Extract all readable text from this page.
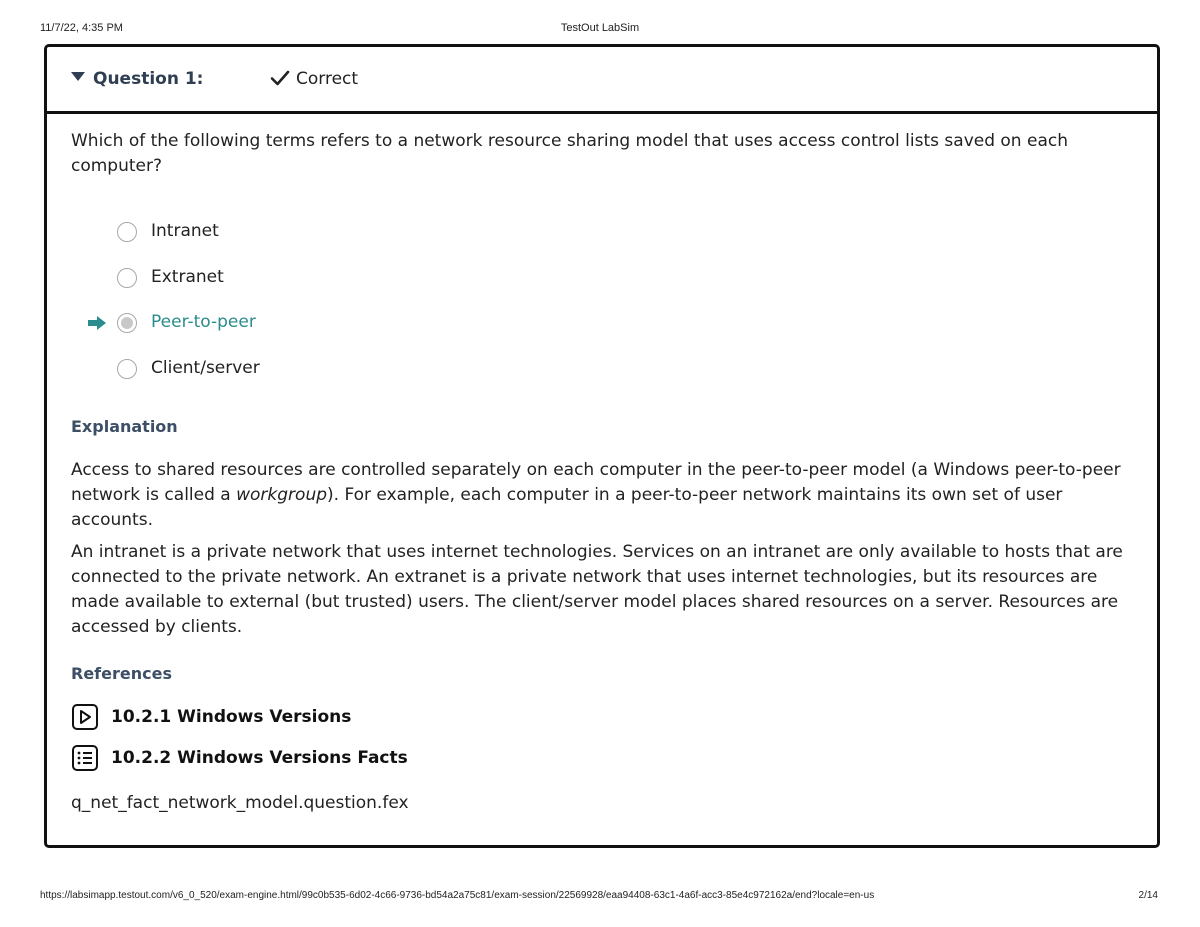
11/7/22, 4:35 PM	TestOut LabSim
Question 1:	Correct
Which of the following terms refers to a network resource sharing model that uses access control lists saved on each computer?
Intranet
Extranet
Peer-to-peer
Client/server
Explanation

Access to shared resources are controlled separately on each computer in the peer-to-peer model (a Windows peer-to-peer network is called a workgroup). For example, each computer in a peer-to-peer network maintains its own set of user accounts.

An intranet is a private network that uses internet technologies. Services on an intranet are only available to hosts that are connected to the private network. An extranet is a private network that uses internet technologies, but its resources are made available to external (but trusted) users. The client/server model places shared resources on a server. Resources are accessed by clients.

References
10.2.1 Windows Versions
10.2.2 Windows Versions Facts
q_net_fact_network_model.question.fex
https://labsimapp.testout.com/v6_0_520/exam-engine.html/99c0b535-6d02-4c66-9736-bd54a2a75c81/exam-session/22569928/eaa94408-63c1-4a6f-acc3-85e4c972162a/end?locale=en-us	2/14
